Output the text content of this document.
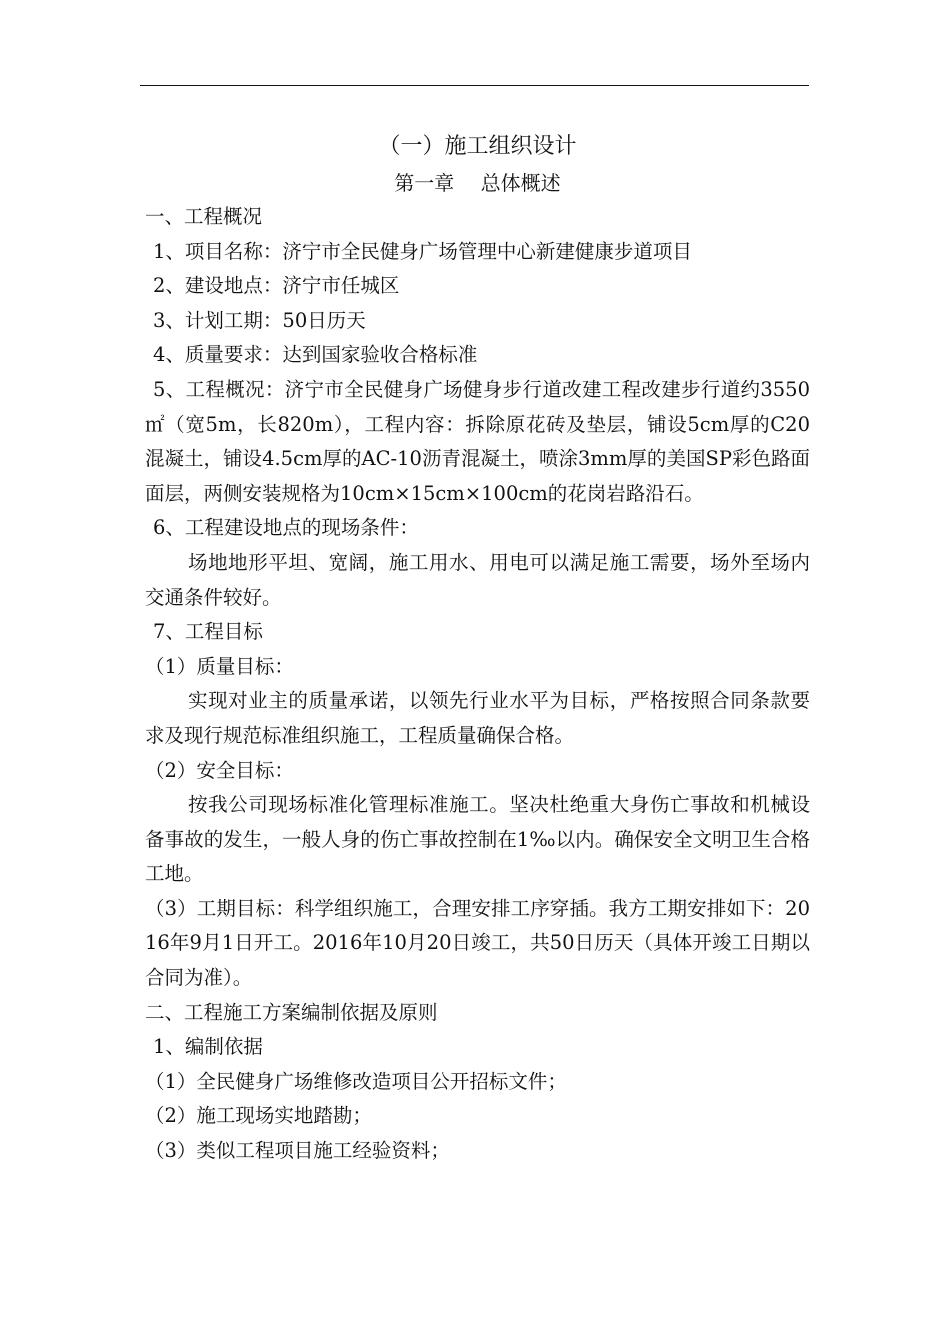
（一）施工组织设计
第一章　 总体概述

一、工程概况

1、项目名称：济宁市全民健身广场管理中心新建健康步道项目

2、建设地点：济宁市任城区

3、计划工期：50日历天

4、质量要求：达到国家验收合格标准

5、工程概况：济宁市全民健身广场健身步行道改建工程改建步行道约3550㎡（宽5m，长820m），工程内容：拆除原花砖及垫层，铺设5cm厚的C20混凝土，铺设4.5cm厚的AC-10沥青混凝土，喷涂3mm厚的美国SP彩色路面面层，两侧安装规格为10cm×15cm×100cm的花岗岩路沿石。

6、工程建设地点的现场条件：

场地地形平坦、宽阔，施工用水、用电可以满足施工需要，场外至场内交通条件较好。

7、工程目标

（1）质量目标：

实现对业主的质量承诺，以领先行业水平为目标，严格按照合同条款要求及现行规范标准组织施工，工程质量确保合格。

（2）安全目标：

按我公司现场标准化管理标准施工。坚决杜绝重大身伤亡事故和机械设备事故的发生，一般人身的伤亡事故控制在1‰以内。确保安全文明卫生合格工地。

（3）工期目标：科学组织施工，合理安排工序穿插。我方工期安排如下：2016年9月1日开工。2016年10月20日竣工，共50日历天（具体开竣工日期以合同为准）。

二、工程施工方案编制依据及原则

1、编制依据

（1）全民健身广场维修改造项目公开招标文件；

（2）施工现场实地踏勘；

（3）类似工程项目施工经验资料；
